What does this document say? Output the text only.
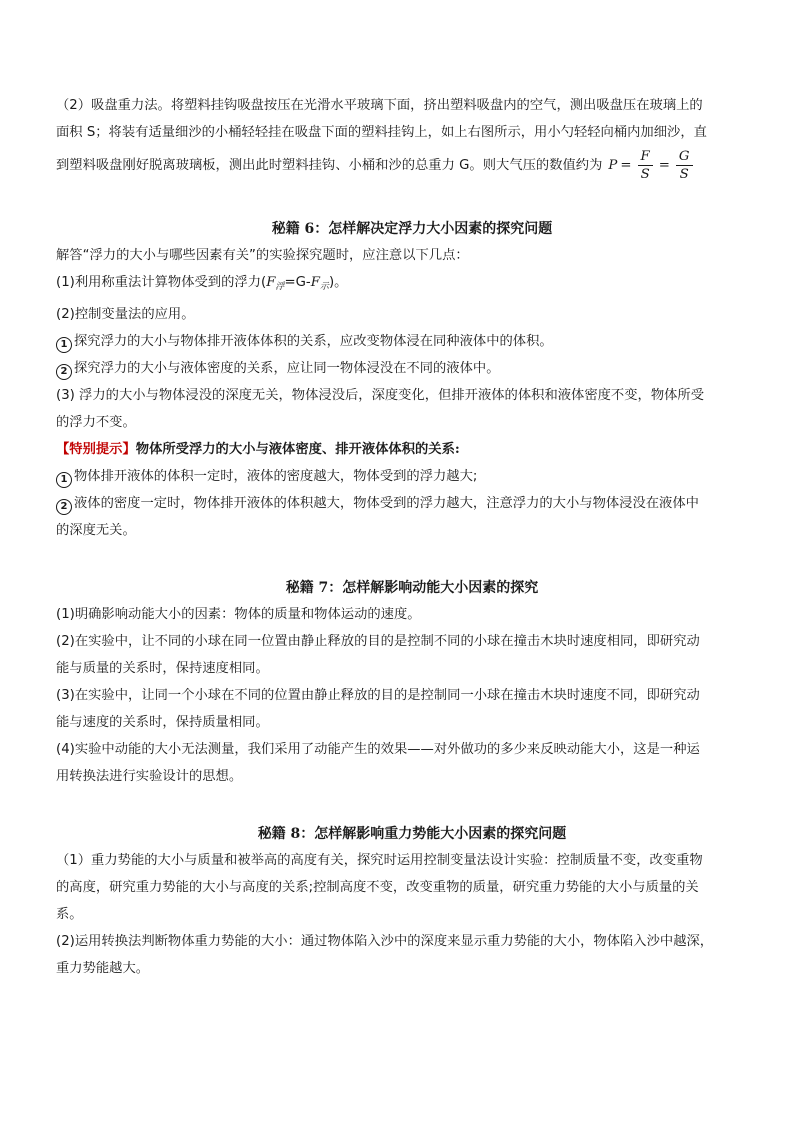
（2）吸盘重力法。将塑料挂钩吸盘按压在光滑水平玻璃下面，挤出塑料吸盘内的空气，测出吸盘压在玻璃上的

面积 S；将装有适量细沙的小桶轻轻挂在吸盘下面的塑料挂钩上，如上右图所示，用小勺轻轻向桶内加细沙，直

到塑料吸盘刚好脱离玻璃板，测出此时塑料挂钩、小桶和沙的总重力 G。则大气压的数值约为 $P = \frac{F}{S} = \frac{G}{S}$

秘籍 6：怎样解决定浮力大小因素的探究问题

解答“浮力的大小与哪些因素有关”的实验探究题时，应注意以下几点：

(1)利用称重法计算物体受到的浮力$(F_浮=G-F_示)$。

(2)控制变量法的应用。

1 探究浮力的大小与物体排开液体体积的关系，应改变物体浸在同种液体中的体积。

2 探究浮力的大小与液体密度的关系，应让同一物体浸没在不同的液体中。

(3) 浮力的大小与物体浸没的深度无关，物体浸没后，深度变化，但排开液体的体积和液体密度不变，物体所受

的浮力不变。

【特别提示】物体所受浮力的大小与液体密度、排开液体体积的关系:

1 物体排开液体的体积一定时，液体的密度越大，物体受到的浮力越大;

2 液体的密度一定时，物体排开液体的体积越大，物体受到的浮力越大，注意浮力的大小与物体浸没在液体中

的深度无关。

秘籍 7：怎样解影响动能大小因素的探究

(1)明确影响动能大小的因素：物体的质量和物体运动的速度。

(2)在实验中，让不同的小球在同一位置由静止释放的目的是控制不同的小球在撞击木块时速度相同，即研究动

能与质量的关系时，保持速度相同。

(3)在实验中，让同一个小球在不同的位置由静止释放的目的是控制同一小球在撞击木块时速度不同，即研究动

能与速度的关系时，保持质量相同。

(4)实验中动能的大小无法测量，我们采用了动能产生的效果——对外做功的多少来反映动能大小，这是一种运

用转换法进行实验设计的思想。

秘籍 8：怎样解影响重力势能大小因素的探究问题

（1）重力势能的大小与质量和被举高的高度有关，探究时运用控制变量法设计实验：控制质量不变，改变重物

的高度，研究重力势能的大小与高度的关系;控制高度不变，改变重物的质量，研究重力势能的大小与质量的关

系。

(2)运用转换法判断物体重力势能的大小：通过物体陷入沙中的深度来显示重力势能的大小，物体陷入沙中越深，

重力势能越大。
